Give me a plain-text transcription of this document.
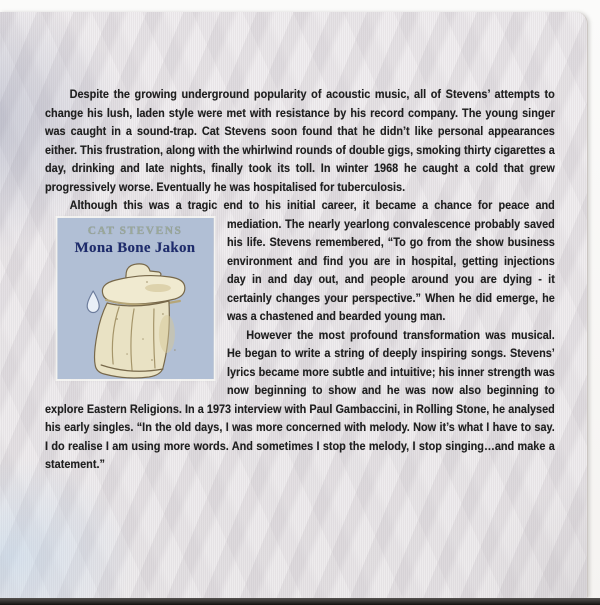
Despite the growing underground popularity of acoustic music, all of Stevens’ attempts to change his lush, laden style were met with resistance by his record company. The young singer was caught in a sound-trap. Cat Stevens soon found that he didn’t like personal appearances either. This frustration, along with the whirlwind rounds of double gigs, smoking thirty cigarettes a day, drinking and late nights, finally took its toll. In winter 1968 he caught a cold that grew progressively worse. Eventually he was hospitalised for tuberculosis.

Although this was a tragic end to his initial career, it became a chance for peace
CAT STEVENS
Mona Bone Jakon
and mediation. The nearly yearlong convalescence probably saved his life. Stevens remembered, “To go from the show business environment and find you are in hospital, getting injections day in and day out, and people around you are dying - it certainly changes your perspective.” When he did emerge, he was a chastened and bearded young man.

However the most profound transformation was musical. He began to write a string of deeply inspiring songs. Stevens’ lyrics became more subtle and intuitive; his inner strength was now beginning to show and he was now also beginning to explore Eastern Religions. In a 1973 interview with Paul Gambaccini, in Rolling Stone, he analysed his early singles. “In the old days, I was more concerned with melody. Now it’s what I have to say. I do realise I am using more words. And sometimes I stop the melody, I stop singing…and make a statement.”
